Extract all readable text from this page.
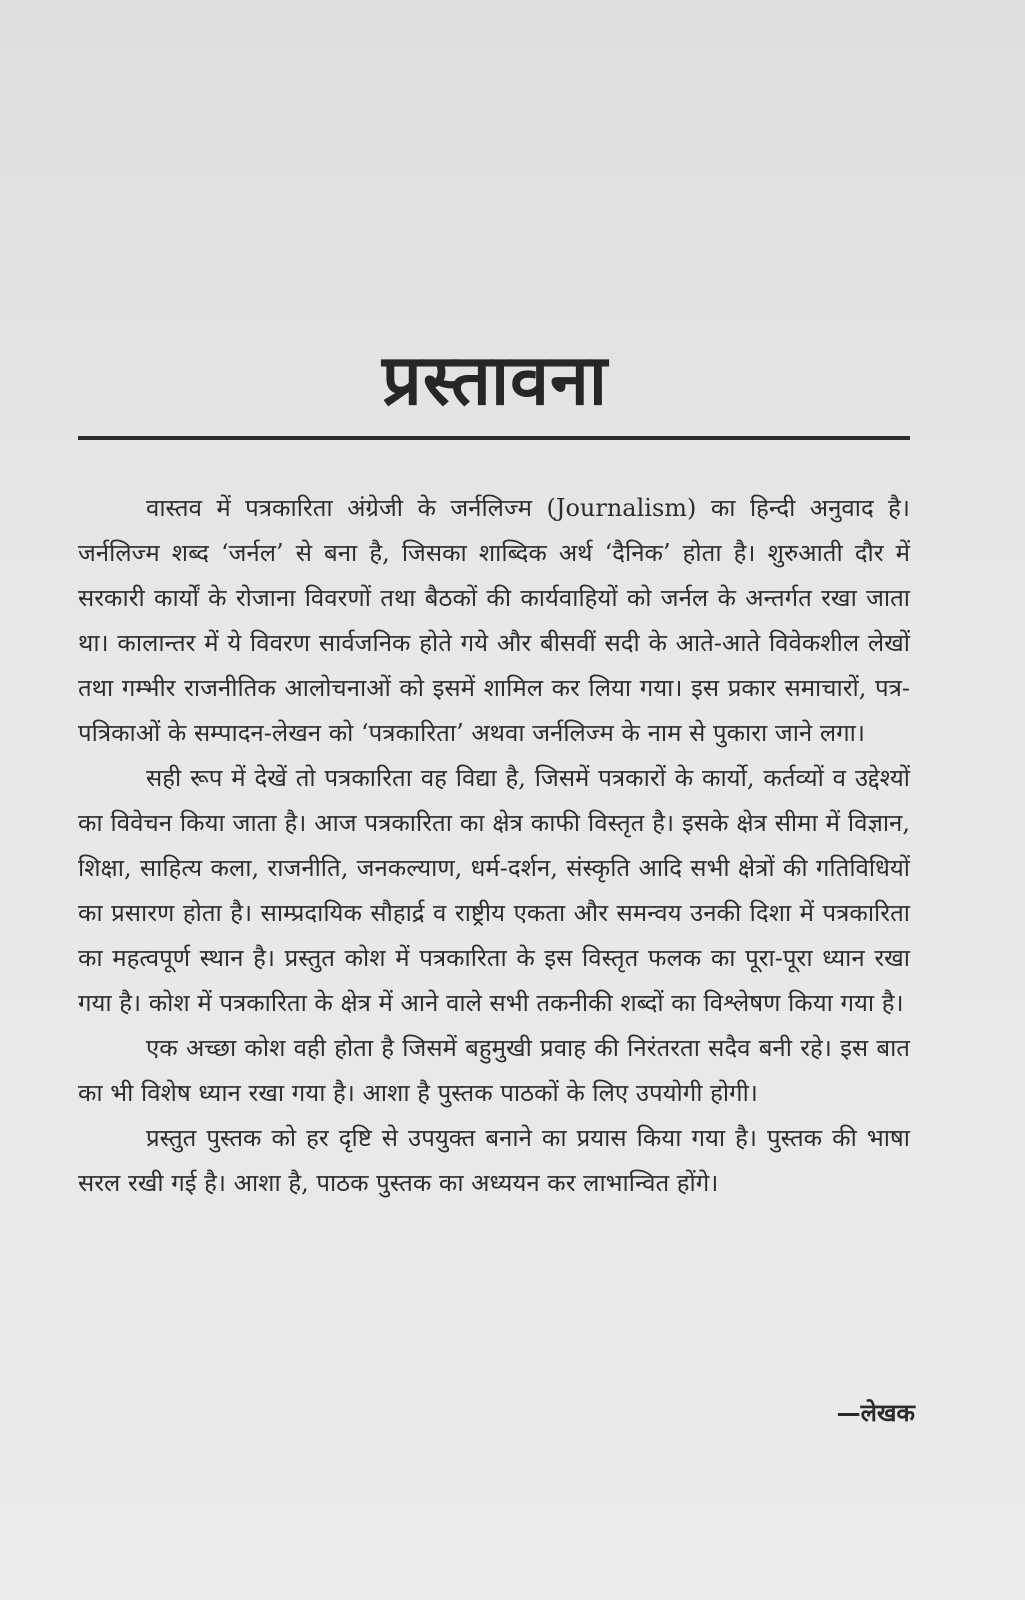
प्रस्तावना

वास्तव में पत्रकारिता अंग्रेजी के जर्नलिज्म (Journalism) का हिन्दी अनुवाद है। जर्नलिज्म शब्द ‘जर्नल’ से बना है, जिसका शाब्दिक अर्थ ‘दैनिक’ होता है। शुरुआती दौर में सरकारी कार्यों के रोजाना विवरणों तथा बैठकों की कार्यवाहियों को जर्नल के अन्तर्गत रखा जाता था। कालान्तर में ये विवरण सार्वजनिक होते गये और बीसवीं सदी के आते-आते विवेकशील लेखों तथा गम्भीर राजनीतिक आलोचनाओं को इसमें शामिल कर लिया गया। इस प्रकार समाचारों, पत्र-पत्रिकाओं के सम्पादन-लेखन को ‘पत्रकारिता’ अथवा जर्नलिज्म के नाम से पुकारा जाने लगा।

सही रूप में देखें तो पत्रकारिता वह विद्या है, जिसमें पत्रकारों के कार्यो, कर्तव्यों व उद्देश्यों का विवेचन किया जाता है। आज पत्रकारिता का क्षेत्र काफी विस्तृत है। इसके क्षेत्र सीमा में विज्ञान, शिक्षा, साहित्य कला, राजनीति, जनकल्याण, धर्म-दर्शन, संस्कृति आदि सभी क्षेत्रों की गतिविधियों का प्रसारण होता है। साम्प्रदायिक सौहार्द्र व राष्ट्रीय एकता और समन्वय उनकी दिशा में पत्रकारिता का महत्वपूर्ण स्थान है। प्रस्तुत कोश में पत्रकारिता के इस विस्तृत फलक का पूरा-पूरा ध्यान रखा गया है। कोश में पत्रकारिता के क्षेत्र में आने वाले सभी तकनीकी शब्दों का विश्लेषण किया गया है।

एक अच्छा कोश वही होता है जिसमें बहुमुखी प्रवाह की निरंतरता सदैव बनी रहे। इस बात का भी विशेष ध्यान रखा गया है। आशा है पुस्तक पाठकों के लिए उपयोगी होगी।

प्रस्तुत पुस्तक को हर दृष्टि से उपयुक्त बनाने का प्रयास किया गया है। पुस्तक की भाषा सरल रखी गई है। आशा है, पाठक पुस्तक का अध्ययन कर लाभान्वित होंगे।

—लेखक
